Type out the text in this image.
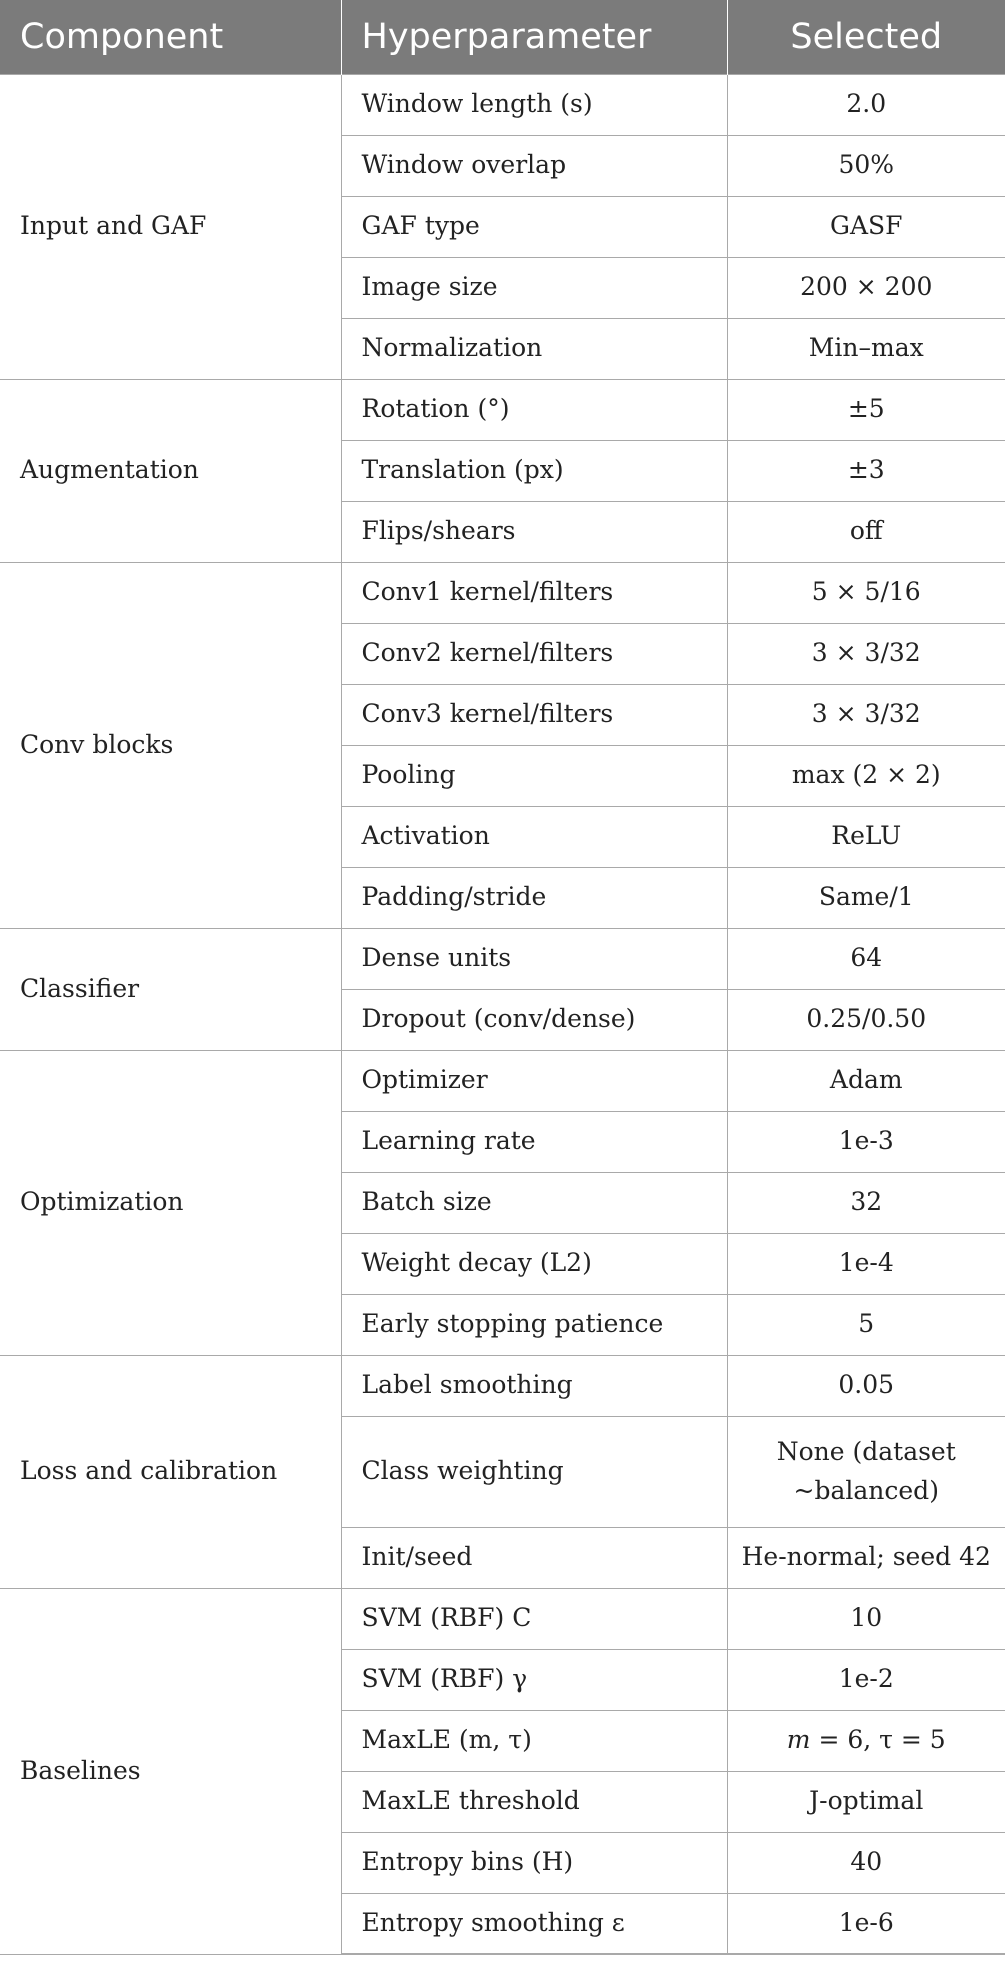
Component	Hyperparameter	Selected
Input and GAF	Window length (s)	2.0
	Window overlap	50%
	GAF type	GASF
	Image size	200 × 200
	Normalization	Min–max
Augmentation	Rotation (°)	±5
	Translation (px)	±3
	Flips/shears	off
Conv blocks	Conv1 kernel/filters	5 × 5/16
	Conv2 kernel/filters	3 × 3/32
	Conv3 kernel/filters	3 × 3/32
	Pooling	max (2 × 2)
	Activation	ReLU
	Padding/stride	Same/1
Classifier	Dense units	64
	Dropout (conv/dense)	0.25/0.50
Optimization	Optimizer	Adam
	Learning rate	1e-3
	Batch size	32
	Weight decay (L2)	1e-4
	Early stopping patience	5
Loss and calibration	Label smoothing	0.05
	Class weighting	None (dataset
~balanced)
	Init/seed	He-normal; seed 42
Baselines	SVM (RBF) C	10
	SVM (RBF) γ	1e-2
	MaxLE (m, τ)	m = 6, τ = 5
	MaxLE threshold	J-optimal
	Entropy bins (H)	40
	Entropy smoothing ε	1e-6
